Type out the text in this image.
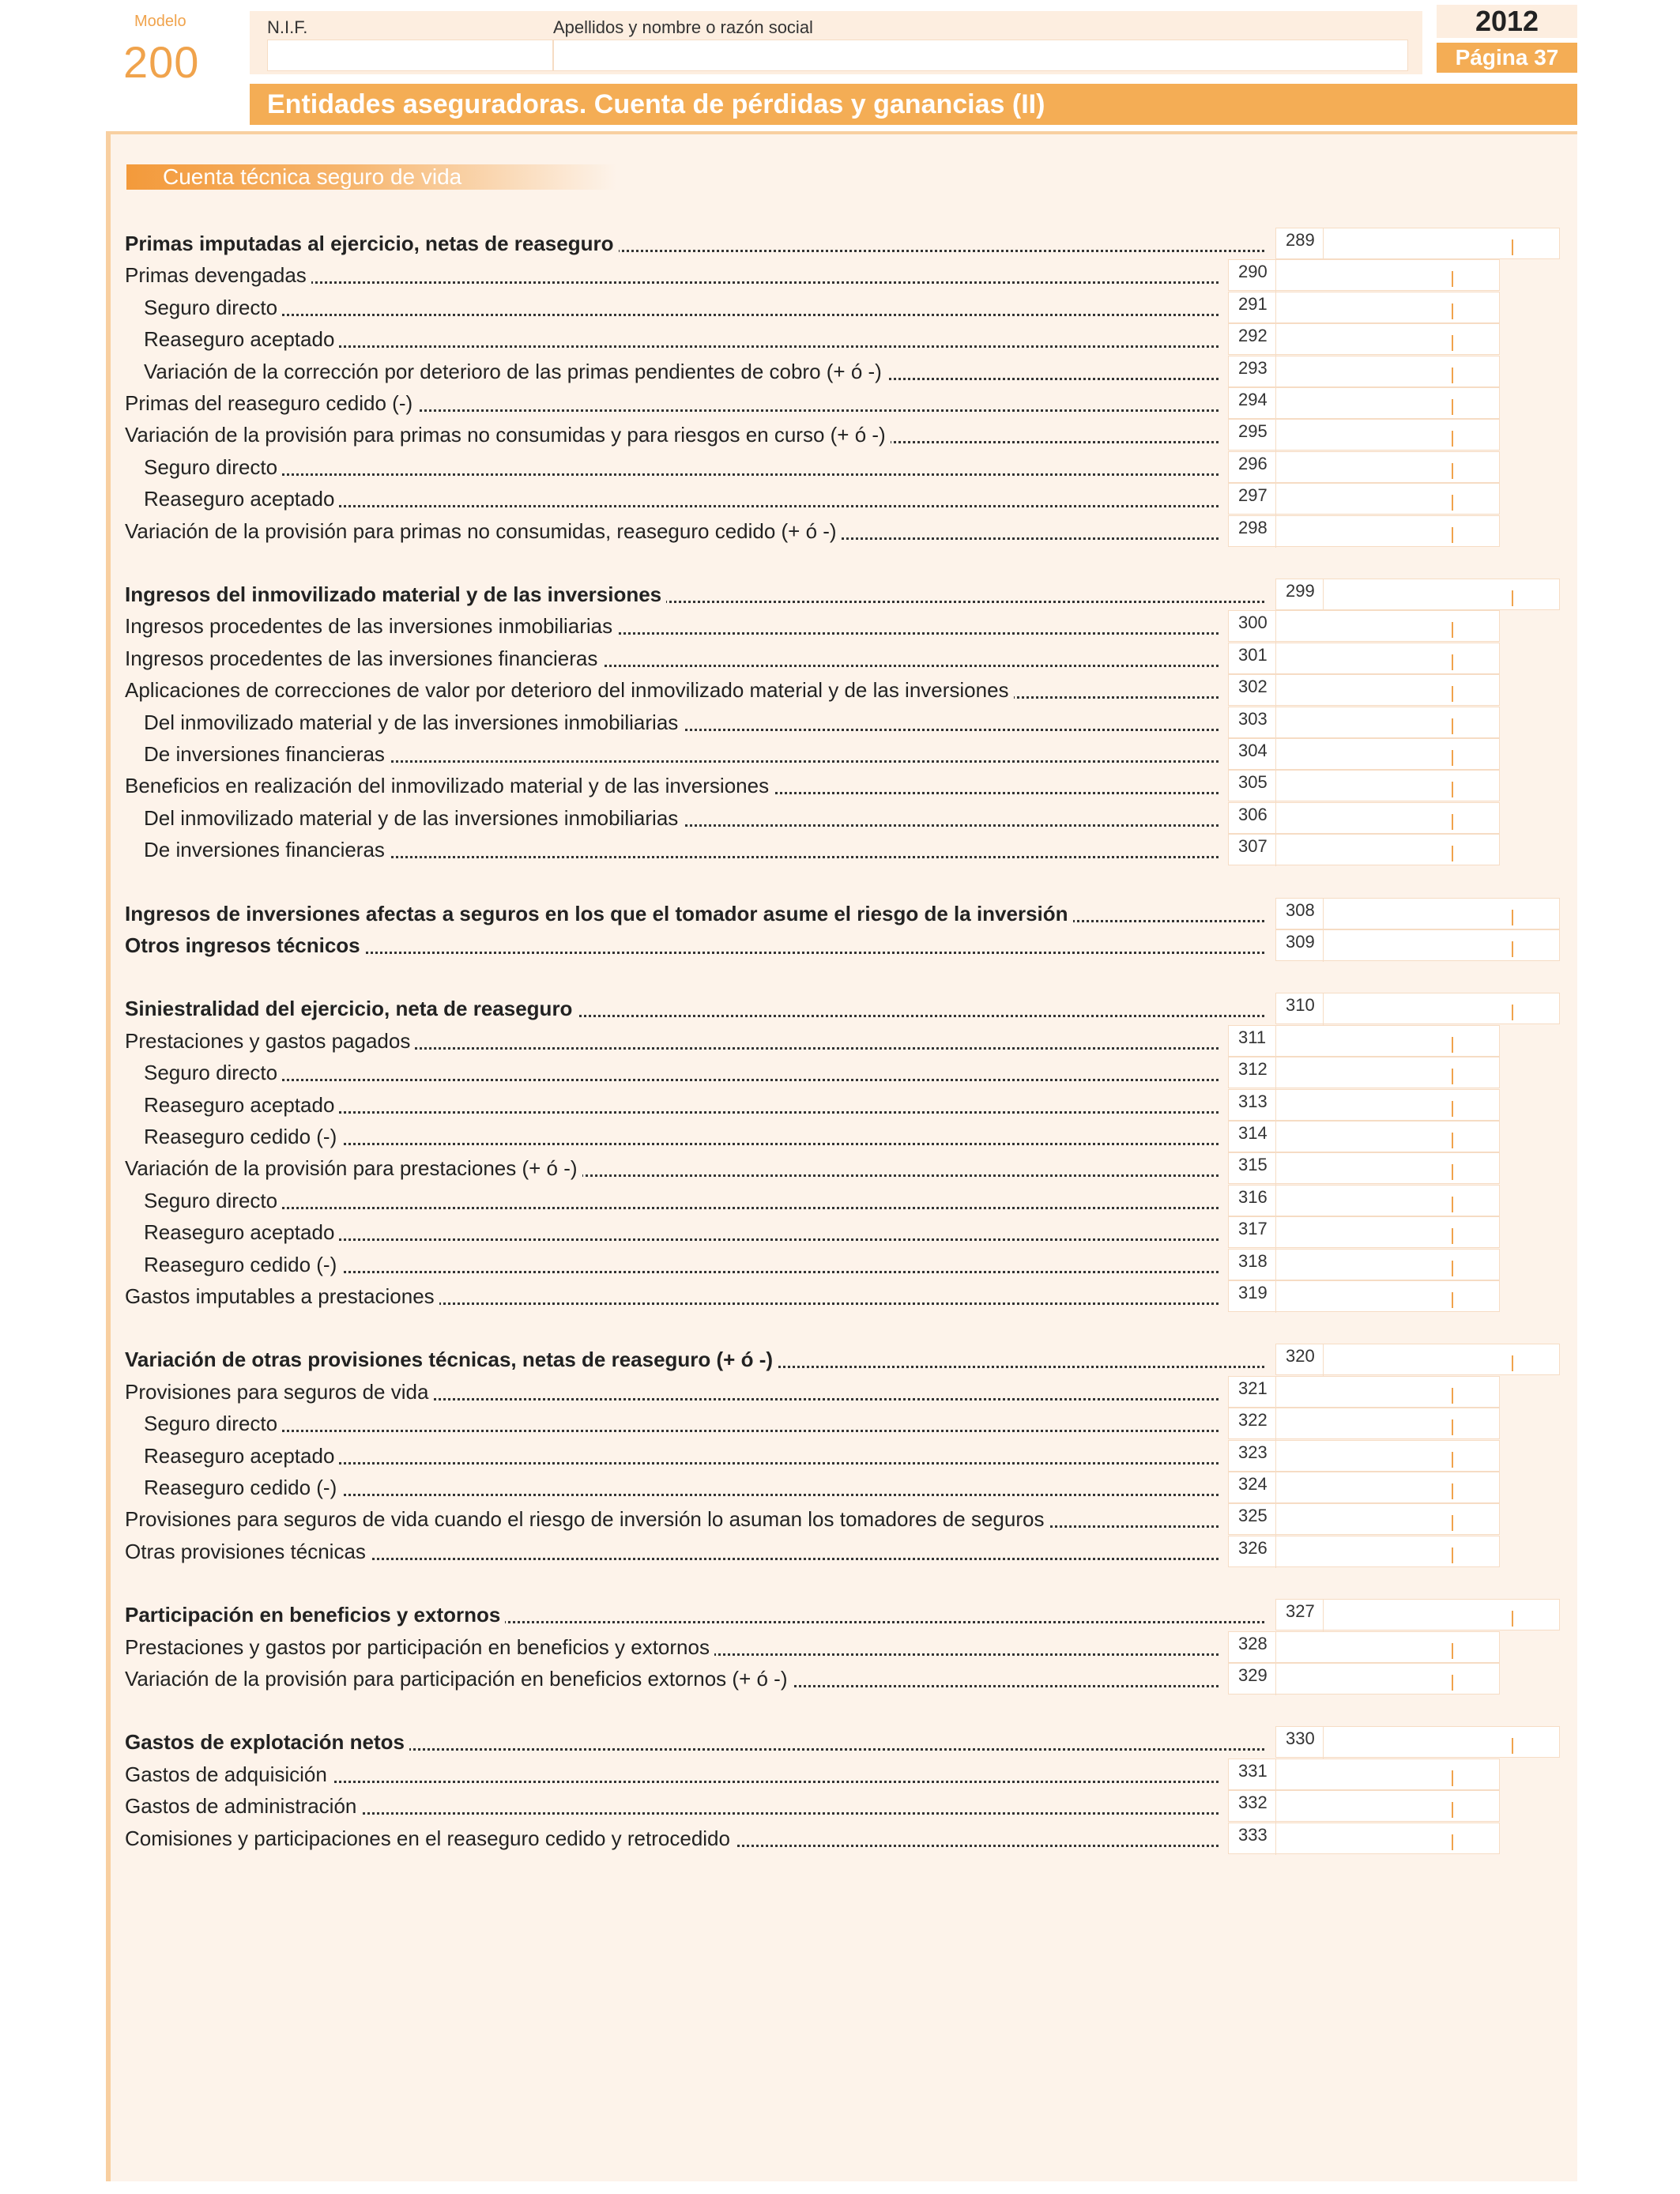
Modelo
200
N.I.F.	Apellidos y nombre o razón social	2012
Página 37
Entidades aseguradoras. Cuenta de pérdidas y ganancias (II)
Cuenta técnica seguro de vida
Primas imputadas al ejercicio, netas de reaseguro	289
Primas devengadas	290
Seguro directo	291
Reaseguro aceptado	292
Variación de la corrección por deterioro de las primas pendientes de cobro (+ ó -)	293
Primas del reaseguro cedido (-)	294
Variación de la provisión para primas no consumidas y para riesgos en curso (+ ó -)	295
Seguro directo	296
Reaseguro aceptado	297
Variación de la provisión para primas no consumidas, reaseguro cedido (+ ó -)	298
Ingresos del inmovilizado material y de las inversiones	299
Ingresos procedentes de las inversiones inmobiliarias	300
Ingresos procedentes de las inversiones financieras	301
Aplicaciones de correcciones de valor por deterioro del inmovilizado material y de las inversiones	302
Del inmovilizado material y de las inversiones inmobiliarias	303
De inversiones financieras	304
Beneficios en realización del inmovilizado material y de las inversiones	305
Del inmovilizado material y de las inversiones inmobiliarias	306
De inversiones financieras	307
Ingresos de inversiones afectas a seguros en los que el tomador asume el riesgo de la inversión	308
Otros ingresos técnicos	309
Siniestralidad del ejercicio, neta de reaseguro	310
Prestaciones y gastos pagados	311
Seguro directo	312
Reaseguro aceptado	313
Reaseguro cedido (-)	314
Variación de la provisión para prestaciones (+ ó -)	315
Seguro directo	316
Reaseguro aceptado	317
Reaseguro cedido (-)	318
Gastos imputables a prestaciones	319
Variación de otras provisiones técnicas, netas de reaseguro (+ ó -)	320
Provisiones para seguros de vida	321
Seguro directo	322
Reaseguro aceptado	323
Reaseguro cedido (-)	324
Provisiones para seguros de vida cuando el riesgo de inversión lo asuman los tomadores de seguros	325
Otras provisiones técnicas	326
Participación en beneficios y extornos	327
Prestaciones y gastos por participación en beneficios y extornos	328
Variación de la provisión para participación en beneficios extornos (+ ó -)	329
Gastos de explotación netos	330
Gastos de adquisición	331
Gastos de administración	332
Comisiones y participaciones en el reaseguro cedido y retrocedido	333
